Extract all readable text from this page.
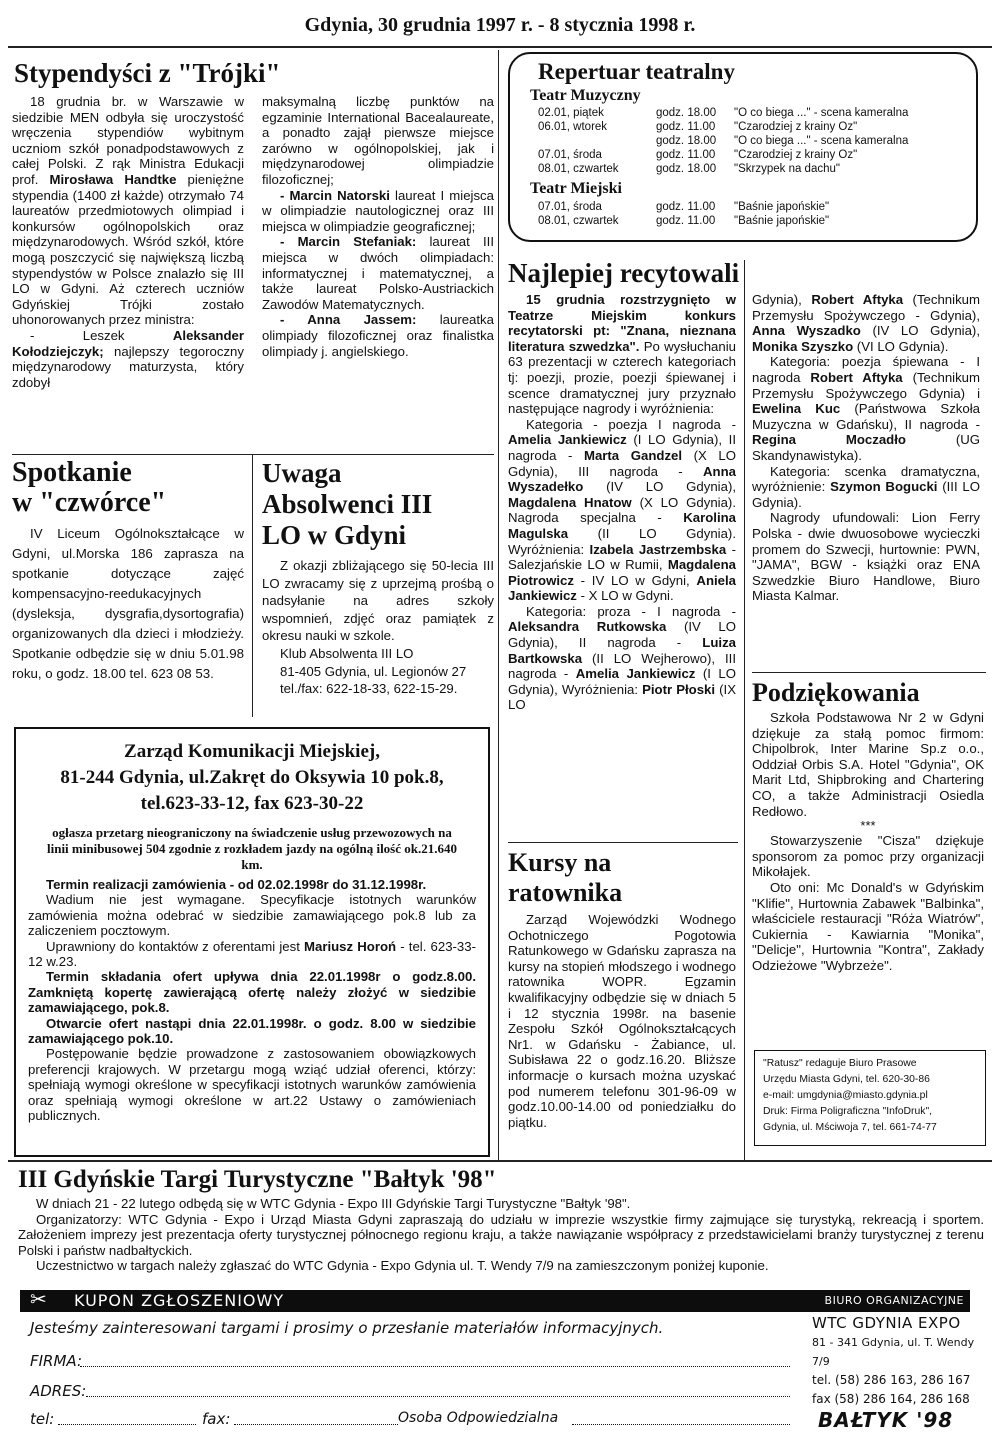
Gdynia, 30 grudnia 1997 r. - 8 stycznia 1998 r.
Stypendyści z "Trójki"

18 grudnia br. w Warszawie w siedzibie MEN odbyła się uroczystość wręczenia stypendiów wybitnym uczniom szkół ponadpodstawowych z całej Polski. Z rąk Ministra Edukacji prof. Mirosława Handtke pieniężne stypendia (1400 zł każde) otrzymało 74 laureatów przedmiotowych olimpiad i konkursów ogólnopolskich oraz międzynarodowych. Wśród szkół, które mogą poszczycić się największą liczbą stypendystów w Polsce znalazło się III LO w Gdyni. Aż czterech uczniów Gdyńskiej Trójki zostało uhonorowanych przez ministra:

- Leszek Aleksander Kołodziejczyk; najlepszy tegoroczny międzynarodowy maturzysta, który zdobył

maksymalną liczbę punktów na egzaminie International Bacealaureate, a ponadto zajął pierwsze miejsce zarówno w ogólnopolskiej, jak i międzynarodowej olimpiadzie filozoficznej;

- Marcin Natorski laureat I miejsca w olimpiadzie nautologicznej oraz III miejsca w olimpiadzie geograficznej;

- Marcin Stefaniak: laureat III miejsca w dwóch olimpiadach: informatycznej i matematycznej, a także laureat Polsko-Austriackich Zawodów Matematycznych.

- Anna Jassem: laureatka olimpiady filozoficznej oraz finalistka olimpiady j. angielskiego.

Repertuar teatralny
Teatr Muzyczny
02.01, piątek	godz. 18.00	"O co biega ..." - scena kameralna
06.01, wtorek	godz. 11.00	"Czarodziej z krainy Oz"
godz. 18.00	"O co biega ..." - scena kameralna
07.01, środa	godz. 11.00	"Czarodziej z krainy Oz"
08.01, czwartek	godz. 18.00	"Skrzypek na dachu"
Teatr Miejski
07.01, środa	godz. 11.00	"Baśnie japońskie"
08.01, czwartek	godz. 11.00	"Baśnie japońskie"
Najlepiej recytowali

15 grudnia rozstrzygnięto w Teatrze Miejskim konkurs recytatorski pt: "Znana, nieznana literatura szwedzka". Po wysłuchaniu 63 prezentacji w czterech kategoriach tj: poezji, prozie, poezji śpiewanej i scence dramatycznej jury przyznało następujące nagrody i wyróżnienia:

Kategoria - poezja I nagroda - Amelia Jankiewicz (I LO Gdynia), II nagroda - Marta Gandzel (X LO Gdynia), III nagroda - Anna Wyszadełko (IV LO Gdynia), Magdalena Hnatow (X LO Gdynia). Nagroda specjalna - Karolina Magulska (II LO Gdynia). Wyróżnienia: Izabela Jastrzembska -Salezjańskie LO w Rumii, Magdalena Piotrowicz - IV LO w Gdyni, Aniela Jankiewicz - X LO w Gdyni.

Kategoria: proza - I nagroda - Aleksandra Rutkowska (IV LO Gdynia), II nagroda - Luiza Bartkowska (II LO Wejherowo), III nagroda - Amelia Jankiewicz (I LO Gdynia), Wyróżnienia: Piotr Płoski (IX LO

Gdynia), Robert Aftyka (Technikum Przemysłu Spożywczego - Gdynia), Anna Wyszadko (IV LO Gdynia), Monika Szyszko (VI LO Gdynia).

Kategoria: poezja śpiewana - I nagroda Robert Aftyka (Technikum Przemysłu Spożywczego Gdynia) i Ewelina Kuc (Państwowa Szkoła Muzyczna w Gdańsku), II nagroda - Regina Moczadło (UG Skandynawistyka).

Kategoria: scenka dramatyczna, wyróżnienie: Szymon Bogucki (III LO Gdynia).

Nagrody ufundowali: Lion Ferry Polska - dwie dwuosobowe wycieczki promem do Szwecji, hurtownie: PWN, "JAMA", BGW - książki oraz ENA Szwedzkie Biuro Handlowe, Biuro Miasta Kalmar.

Spotkanie
w "czwórce"

IV Liceum Ogólnokształcące w Gdyni, ul.Morska 186 zaprasza na spotkanie dotyczące zajęć kompensacyjno-reedukacyjnych (dysleksja, dysgrafia,dysortografia) organizowanych dla dzieci i młodzieży. Spotkanie odbędzie się w dniu 5.01.98 roku, o godz. 18.00 tel. 623 08 53.

Uwaga
Absolwenci III
LO w Gdyni

Z okazji zbliżającego się 50-lecia III LO zwracamy się z uprzejmą prośbą o nadsyłanie na adres szkoły wspomnień, zdjęć oraz pamiątek z okresu nauki w szkole.

Klub Absolwenta III LO
81-405 Gdynia, ul. Legionów 27
tel./fax: 622-18-33, 622-15-29.
Zarząd Komunikacji Miejskiej,
81-244 Gdynia, ul.Zakręt do Oksywia 10 pok.8,
tel.623-33-12, fax 623-30-22
ogłasza przetarg nieograniczony na świadczenie usług przewozowych na linii minibusowej 504 zgodnie z rozkładem jazdy na ogólną ilość ok.21.640 km.

Termin realizacji zamówienia - od 02.02.1998r do 31.12.1998r.

Wadium nie jest wymagane. Specyfikacje istotnych warunków zamówienia można odebrać w siedzibie zamawiającego pok.8 lub za zaliczeniem pocztowym.

Uprawniony do kontaktów z oferentami jest Mariusz Horoń - tel. 623-33-12 w.23.

Termin składania ofert upływa dnia 22.01.1998r o godz.8.00. Zamkniętą kopertę zawierającą ofertę należy złożyć w siedzibie zamawiającego, pok.8.

Otwarcie ofert nastąpi dnia 22.01.1998r. o godz. 8.00 w siedzibie zamawiającego pok.10.

Postępowanie będzie prowadzone z zastosowaniem obowiązkowych preferencji krajowych. W przetargu mogą wziąć udział oferenci, którzy: spełniają wymogi określone w specyfikacji istotnych warunków zamówienia oraz spełniają wymogi określone w art.22 Ustawy o zamówieniach publicznych.

Kursy na
ratownika

Zarząd Wojewódzki Wodnego Ochotniczego Pogotowia Ratunkowego w Gdańsku zaprasza na kursy na stopień młodszego i wodnego ratownika WOPR. Egzamin kwalifikacyjny odbędzie się w dniach 5 i 12 stycznia 1998r. na basenie Zespołu Szkół Ogólnokształcących Nr1. w Gdańsku - Żabiance, ul. Subisława 22 o godz.16.20. Bliższe informacje o kursach można uzyskać pod numerem telefonu 301-96-09 w godz.10.00-14.00 od poniedziałku do piątku.

Podziękowania

Szkoła Podstawowa Nr 2 w Gdyni dziękuje za stałą pomoc firmom: Chipolbrok, Inter Marine Sp.z o.o., Oddział Orbis S.A. Hotel "Gdynia", OK Marit Ltd, Shipbroking and Chartering CO, a także Administracji Osiedla Redłowo.

***

Stowarzyszenie "Cisza" dziękuje sponsorom za pomoc przy organizacji Mikołajek.

Oto oni: Mc Donald's w Gdyńskim "Klifie", Hurtownia Zabawek "Balbinka", właściciele restauracji "Róża Wiatrów", Cukiernia - Kawiarnia "Monika", "Delicje", Hurtownia "Kontra", Zakłady Odzieżowe "Wybrzeże".

"Ratusz" redaguje Biuro Prasowe
Urzędu Miasta Gdyni, tel. 620-30-86
e-mail: umgdynia@miasto.gdynia.pl
Druk: Firma Poligraficzna "InfoDruk",
Gdynia, ul. Mściwoja 7, tel. 661-74-77
III Gdyńskie Targi Turystyczne "Bałtyk '98"

W dniach 21 - 22 lutego odbędą się w WTC Gdynia - Expo III Gdyńskie Targi Turystyczne "Bałtyk '98".

Organizatorzy: WTC Gdynia - Expo i Urząd Miasta Gdyni zapraszają do udziału w imprezie wszystkie firmy zajmujące się turystyką, rekreacją i sportem. Założeniem imprezy jest prezentacja oferty turystycznej północnego regionu kraju, a także nawiązanie współpracy z przedstawicielami branży turystycznej z terenu Polski i państw nadbałtyckich.

Uczestnictwo w targach należy zgłaszać do WTC Gdynia - Expo Gdynia ul. T. Wendy 7/9 na zamieszczonym poniżej kuponie.

✂ KUPON ZGŁOSZENIOWY	BIURO ORGANIZACYJNE
Jesteśmy zainteresowani targami i prosimy o przesłanie materiałów informacyjnych.
FIRMA:
ADRES:
tel:	fax:	Osoba Odpowiedzialna
WTC GDYNIA EXPO
81 - 341 Gdynia, ul. T. Wendy 7/9
tel. (58) 286 163, 286 167
fax (58) 286 164, 286 168
BAŁTYK '98
